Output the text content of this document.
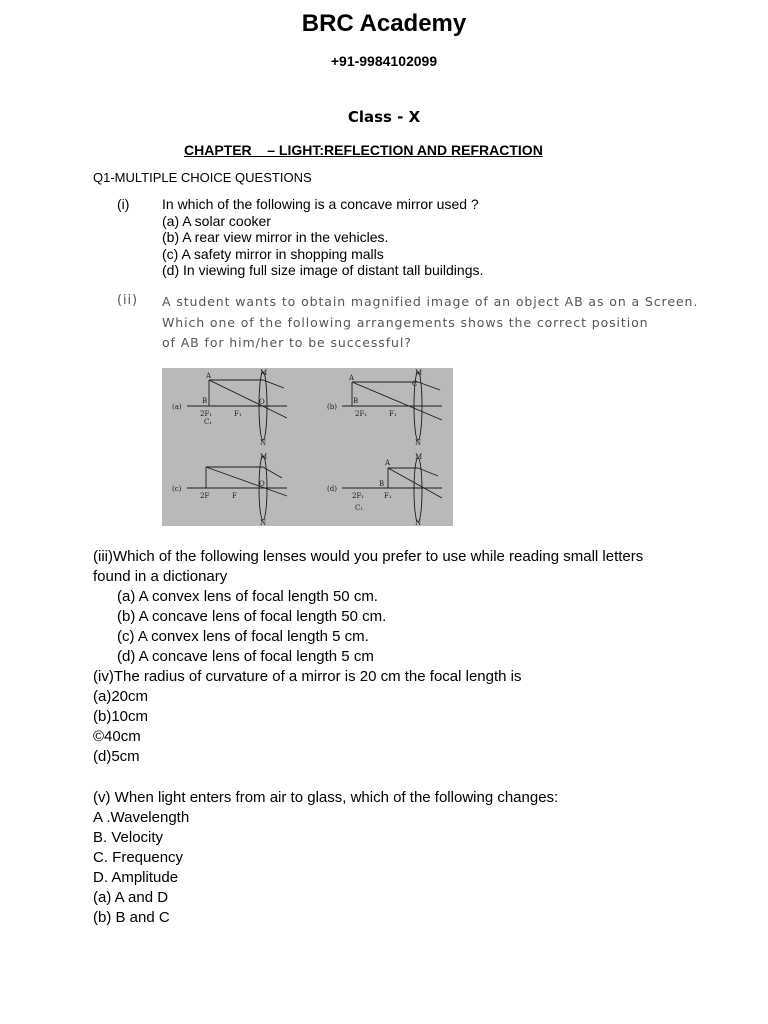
BRC Academy
+91-9984102099
Class - X
CHAPTER    – LIGHT:REFLECTION AND REFRACTION
Q1-MULTIPLE CHOICE QUESTIONS
(i) In which of the following is a concave mirror used ?
(a) A solar cooker
(b) A rear view mirror in the vehicles.
(c) A safety mirror in shopping malls
(d) In viewing full size image of distant tall buildings.
(ii) A student wants to obtain magnified image of an object AB as on a Screen.
Which one of the following arrangements shows the correct position
of AB for him/her to be successful?
(a)	(b)
(c)	(d)
A
B
M
N
O
2F₁	F₁
C₁
A
B
M
N
C
2F₁	F₁
M
N
O
2F	F
A
B
M
N
2F₁	F₁
C₁
(iii)Which of the following lenses would you prefer to use while reading small letters
found in a dictionary
(a) A convex lens of focal length 50 cm.
(b) A concave lens of focal length 50 cm.
(c) A convex lens of focal length 5 cm.
(d) A concave lens of focal length 5 cm
(iv)The radius of curvature of a mirror is 20 cm the focal length is
(a)20cm
(b)10cm
©40cm
(d)5cm
(v) When light enters from air to glass, which of the following changes:
A .Wavelength
B. Velocity
C. Frequency
D. Amplitude
(a) A and D
(b) B and C
